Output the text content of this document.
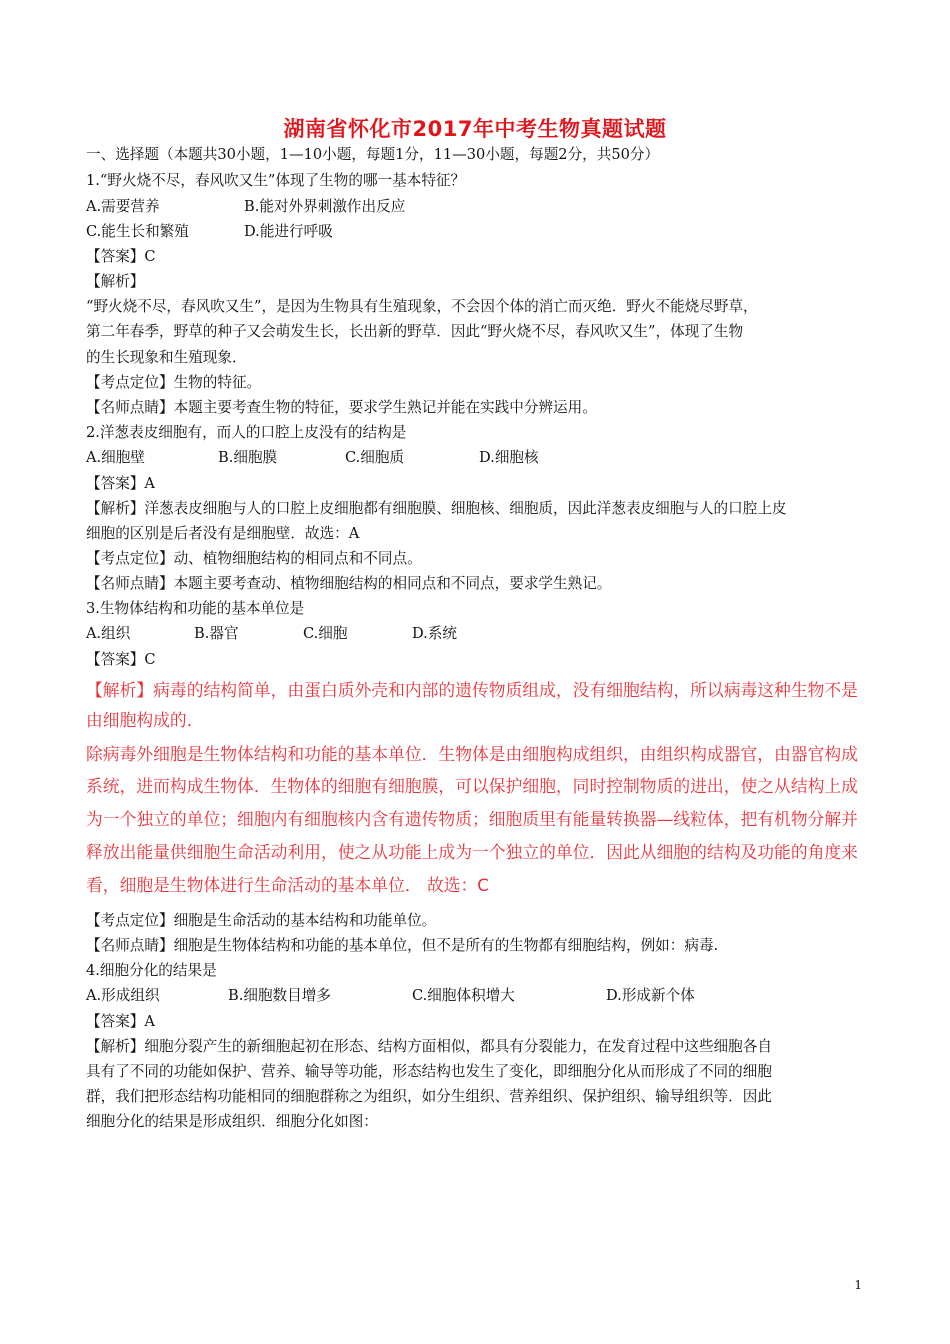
湖南省怀化市2017年中考生物真题试题
一、选择题（本题共30小题，1—10小题，每题1分，11—30小题，每题2分，共50分）
1.“野火烧不尽，春风吹又生”体现了生物的哪一基本特征？
A.需要营养	B.能对外界刺激作出反应
C.能生长和繁殖	D.能进行呼吸
【答案】C
【解析】
“野火烧不尽，春风吹又生”，是因为生物具有生殖现象，不会因个体的消亡而灭绝．野火不能烧尽野草，
第二年春季，野草的种子又会萌发生长，长出新的野草．因此“野火烧不尽，春风吹又生”，体现了生物
的生长现象和生殖现象．
【考点定位】生物的特征。
【名师点睛】本题主要考查生物的特征，要求学生熟记并能在实践中分辨运用。
2.洋葱表皮细胞有，而人的口腔上皮没有的结构是
A.细胞壁	B.细胞膜	C.细胞质	D.细胞核
【答案】A
【解析】洋葱表皮细胞与人的口腔上皮细胞都有细胞膜、细胞核、细胞质，因此洋葱表皮细胞与人的口腔上皮
细胞的区别是后者没有是细胞壁．故选：A
【考点定位】动、植物细胞结构的相同点和不同点。
【名师点睛】本题主要考查动、植物细胞结构的相同点和不同点，要求学生熟记。
3.生物体结构和功能的基本单位是
A.组织	B.器官	C.细胞	D.系统
【答案】C
【解析】病毒的结构简单，由蛋白质外壳和内部的遗传物质组成，没有细胞结构，所以病毒这种生物不是
由细胞构成的．
除病毒外细胞是生物体结构和功能的基本单位．生物体是由细胞构成组织，由组织构成器官，由器官构成
系统，进而构成生物体．生物体的细胞有细胞膜，可以保护细胞，同时控制物质的进出，使之从结构上成
为一个独立的单位；细胞内有细胞核内含有遗传物质；细胞质里有能量转换器—线粒体，把有机物分解并
释放出能量供细胞生命活动利用，使之从功能上成为一个独立的单位．因此从细胞的结构及功能的角度来
看，细胞是生物体进行生命活动的基本单位． 故选：C
【考点定位】细胞是生命活动的基本结构和功能单位。
【名师点睛】细胞是生物体结构和功能的基本单位，但不是所有的生物都有细胞结构，例如：病毒.
4.细胞分化的结果是
A.形成组织	B.细胞数目增多	C.细胞体积增大	D.形成新个体
【答案】A
【解析】细胞分裂产生的新细胞起初在形态、结构方面相似，都具有分裂能力，在发育过程中这些细胞各自
具有了不同的功能如保护、营养、输导等功能，形态结构也发生了变化，即细胞分化从而形成了不同的细胞
群，我们把形态结构功能相同的细胞群称之为组织，如分生组织、营养组织、保护组织、输导组织等．因此
细胞分化的结果是形成组织．细胞分化如图：
1
